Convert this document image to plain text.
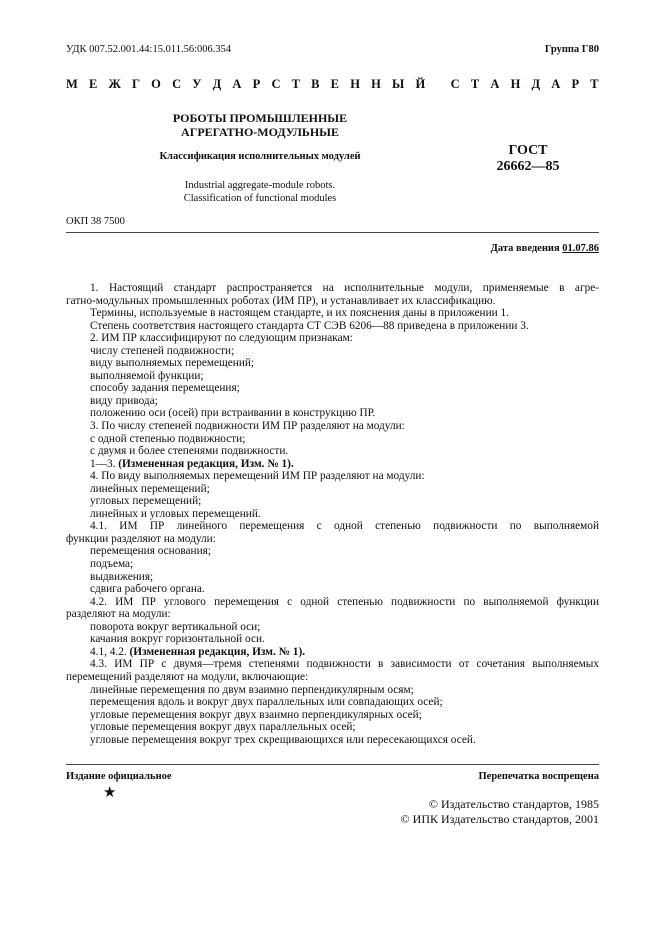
УДК 007.52.001.44:15.011.56:006.354	Группа Г80
М Е Ж Г О С У Д А Р С Т В Е Н Н Ы Й
С Т А Н Д А Р Т
РОБОТЫ ПРОМЫШЛЕННЫЕ
АГРЕГАТНО-МОДУЛЬНЫЕ
Классификация исполнительных модулей	ГОСТ
26662—85
Industrial aggregate-module robots.
Classification of functional modules
ОКП 38 7500
Дата введения 01.07.86

1. Настоящий стандарт распространяется на исполнительные модули, применяемые в агре-

гатно-модульных промышленных роботах (ИМ ПР), и устанавливает их классификацию.

Термины, используемые в настоящем стандарте, и их пояснения даны в приложении 1.

Степень соответствия настоящего стандарта СТ СЭВ 6206—88 приведена в приложении 3.

2. ИМ ПР классифицируют по следующим признакам:

числу степеней подвижности;

виду выполняемых перемещений;

выполняемой функции;

способу задания перемещения;

виду привода;

положению оси (осей) при встраивании в конструкцию ПР.

3. По числу степеней подвижности ИМ ПР разделяют на модули:

с одной степенью подвижности;

с двумя и более степенями подвижности.

1—3. (Измененная редакция, Изм. № 1).

4. По виду выполняемых перемещений ИМ ПР разделяют на модули:

линейных перемещений;

угловых перемещений;

линейных и угловых перемещений.

4.1. ИМ ПР линейного перемещения с одной степенью подвижности по выполняемой

функции разделяют на модули:

перемещения основания;

подъема;

выдвижения;

сдвига рабочего органа.

4.2. ИМ ПР углового перемещения с одной степенью подвижности по выполняемой функции

разделяют на модули:

поворота вокруг вертикальной оси;

качания вокруг горизонтальной оси.

4.1, 4.2. (Измененная редакция, Изм. № 1).

4.3. ИМ ПР с двумя—тремя степенями подвижности в зависимости от сочетания выполняемых

перемещений разделяют на модули, включающие:

линейные перемещения по двум взаимно перпендикулярным осям;

перемещения вдоль и вокруг двух параллельных или совпадающих осей;

угловые перемещения вокруг двух взаимно перпендикулярных осей;

угловые перемещения вокруг двух параллельных осей;

угловые перемещения вокруг трех скрещивающихся или пересекающихся осей.

Издание официальное	Перепечатка воспрещена
★
© Издательство стандартов, 1985
© ИПК Издательство стандартов, 2001
